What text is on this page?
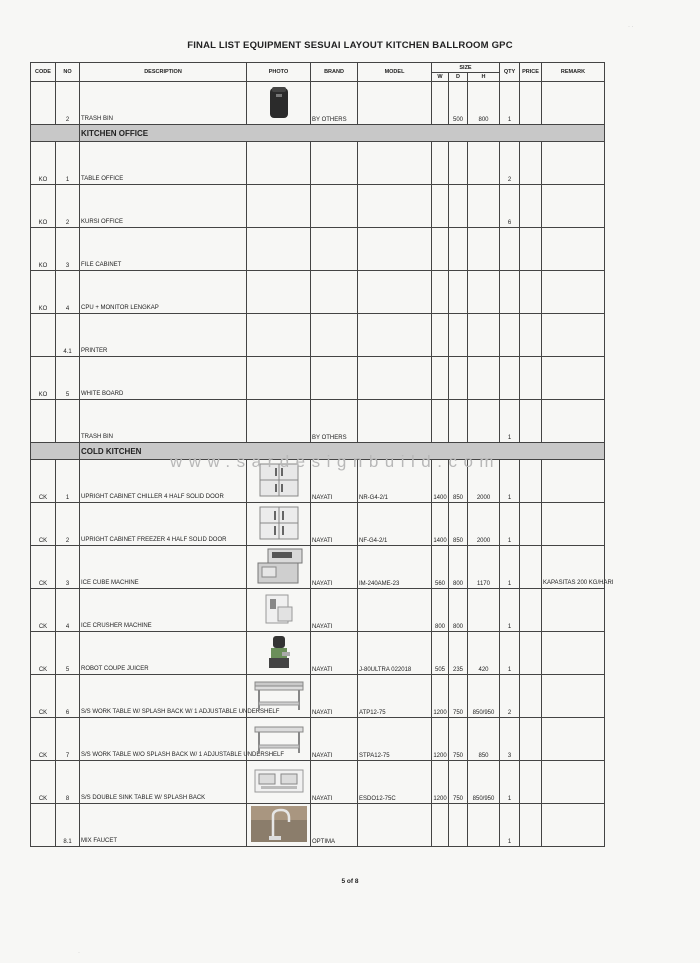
FINAL LIST EQUIPMENT SESUAI LAYOUT KITCHEN BALLROOM GPC
CODE	NO	DESCRIPTION	PHOTO	BRAND	MODEL	SIZE			QTY	PRICE	REMARK
						W	D	H			
	2	TRASH BIN		BY OTHERS			500	800	1		
		KITCHEN OFFICE									
KO	1	TABLE OFFICE							2		
KO	2	KURSI OFFICE							6		
KO	3	FILE CABINET									
KO	4	CPU + MONITOR LENGKAP									
	4.1	PRINTER									
KO	5	WHITE BOARD									
		TRASH BIN		BY OTHERS					1		
		COLD KITCHEN									
CK	1	UPRIGHT CABINET CHILLER 4 HALF SOLID DOOR		NAYATI	NR-G4-2/1	1400	850	2000	1		
CK	2	UPRIGHT CABINET FREEZER 4 HALF SOLID DOOR		NAYATI	NF-G4-2/1	1400	850	2000	1		
CK	3	ICE CUBE MACHINE		NAYATI	IM-240AME-23	560	800	1170	1		KAPASITAS 200 KG/HARI
CK	4	ICE CRUSHER MACHINE		NAYATI		800	800		1		
CK	5	ROBOT COUPE JUICER		NAYATI	J-80ULTRA 022018	505	235	420	1		
CK	6	S/S WORK TABLE W/ SPLASH BACK W/ 1 ADJUSTABLE UNDERSHELF		NAYATI	ATP12-75	1200	750	850/950	2		
CK	7	S/S WORK TABLE W/O SPLASH BACK W/ 1 ADJUSTABLE UNDERSHELF		NAYATI	STPA12-75	1200	750	850	3		
CK	8	S/S DOUBLE SINK TABLE W/ SPLASH BACK		NAYATI	ESDO12-75C	1200	750	850/950	1		
	8.1	MIX FAUCET		OPTIMA					1		
www.sardesignbuild.com
5 of 8
· ·
·
